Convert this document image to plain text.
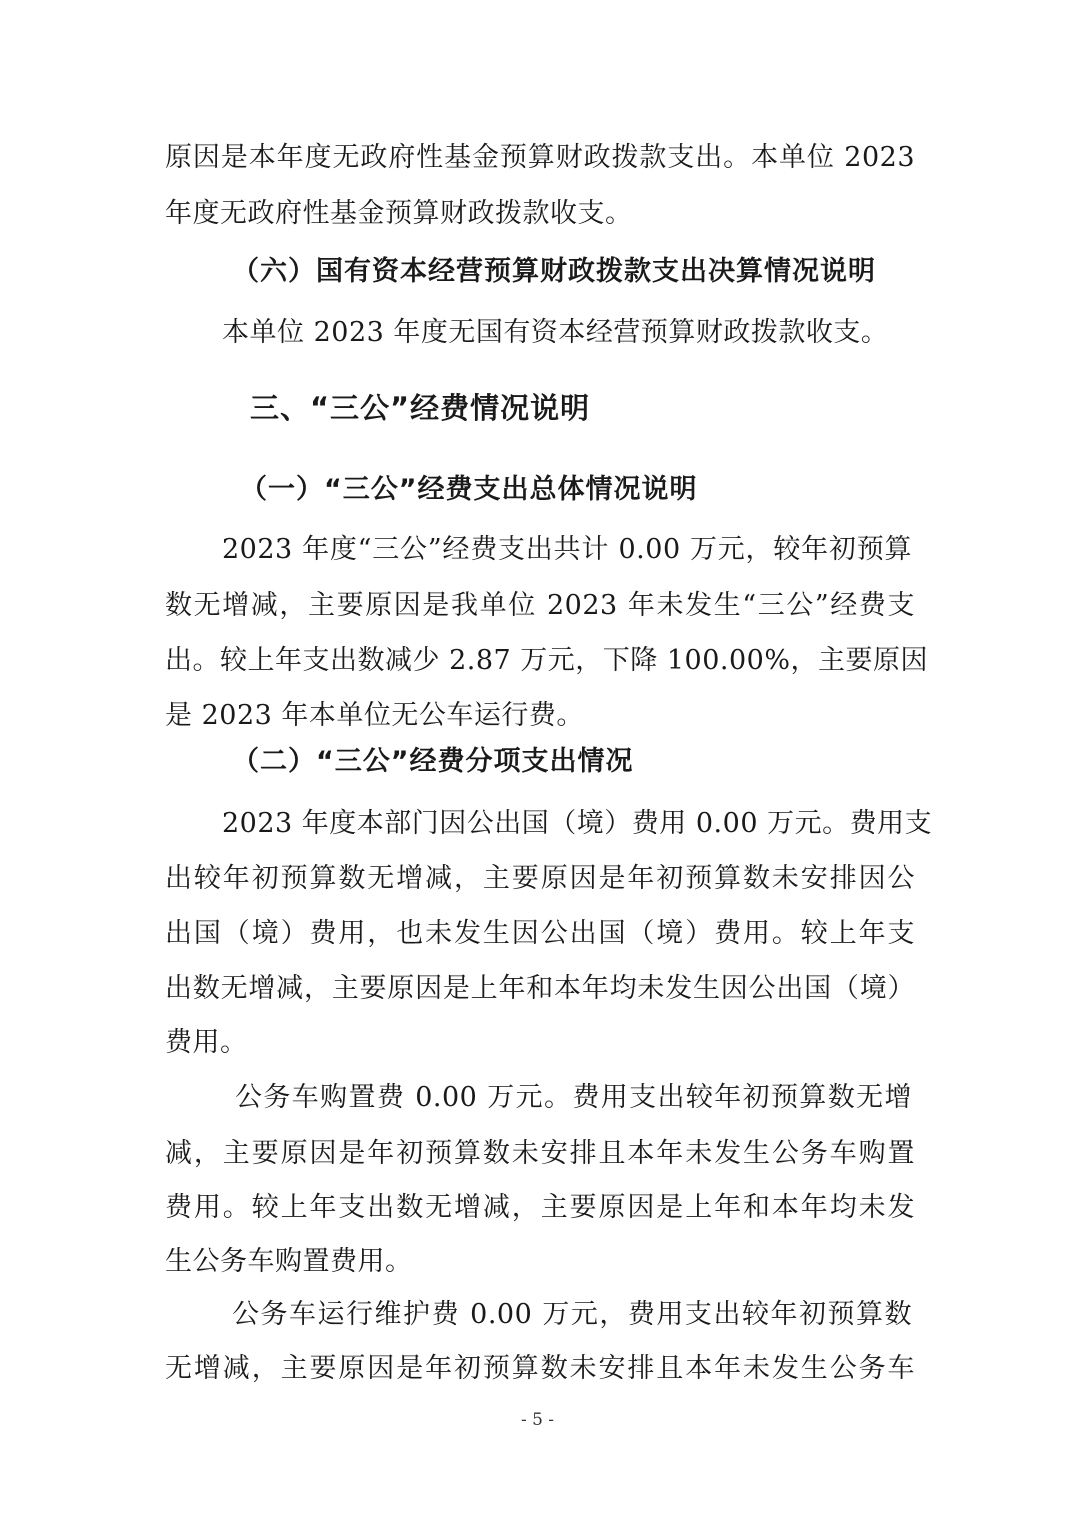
原因是本年度无政府性基金预算财政拨款支出。本单位 2023
年度无政府性基金预算财政拨款收支。
（六）国有资本经营预算财政拨款支出决算情况说明
本单位 2023 年度无国有资本经营预算财政拨款收支。
三、“三公”经费情况说明
（一）“三公”经费支出总体情况说明
2023 年度“三公”经费支出共计 0.00 万元，较年初预算
数无增减，主要原因是我单位 2023 年未发生“三公”经费支
出。较上年支出数减少 2.87 万元，下降 100.00%，主要原因
是 2023 年本单位无公车运行费。
（二）“三公”经费分项支出情况
2023 年度本部门因公出国（境）费用 0.00 万元。费用支
出较年初预算数无增减，主要原因是年初预算数未安排因公
出国（境）费用，也未发生因公出国（境）费用。较上年支
出数无增减，主要原因是上年和本年均未发生因公出国（境）
费用。
公务车购置费 0.00 万元。费用支出较年初预算数无增
减，主要原因是年初预算数未安排且本年未发生公务车购置
费用。较上年支出数无增减，主要原因是上年和本年均未发
生公务车购置费用。
公务车运行维护费 0.00 万元，费用支出较年初预算数
无增减，主要原因是年初预算数未安排且本年未发生公务车
- 5 -
